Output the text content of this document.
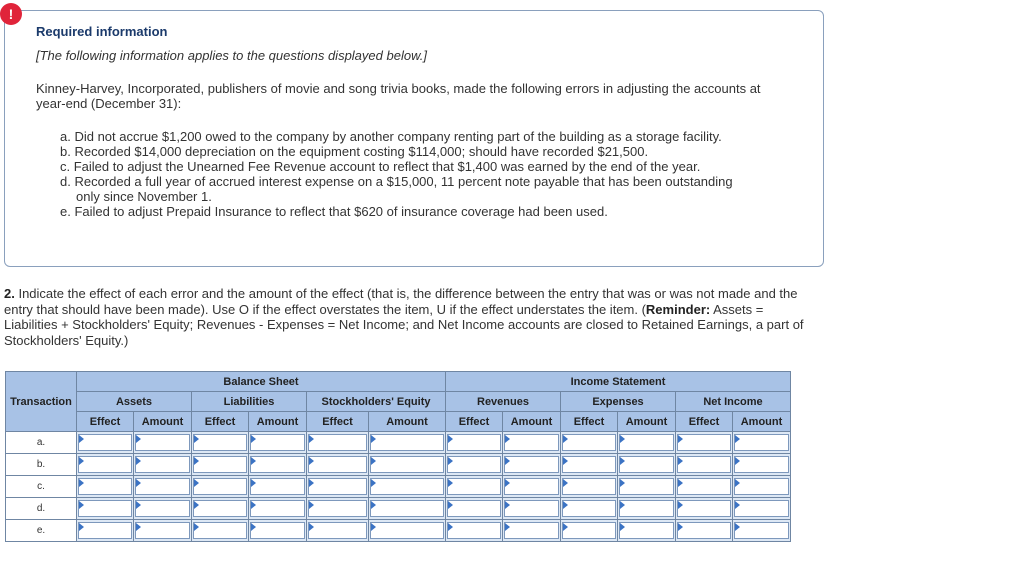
!
Required information
[The following information applies to the questions displayed below.]
Kinney-Harvey, Incorporated, publishers of movie and song trivia books, made the following errors in adjusting the accounts at year-end (December 31):
a. Did not accrue $1,200 owed to the company by another company renting part of the building as a storage facility.
b. Recorded $14,000 depreciation on the equipment costing $114,000; should have recorded $21,500.
c. Failed to adjust the Unearned Fee Revenue account to reflect that $1,400 was earned by the end of the year.
d. Recorded a full year of accrued interest expense on a $15,000, 11 percent note payable that has been outstanding
only since November 1.
e. Failed to adjust Prepaid Insurance to reflect that $620 of insurance coverage had been used.
2. Indicate the effect of each error and the amount of the effect (that is, the difference between the entry that was or was not made and the entry that should have been made). Use O if the effect overstates the item, U if the effect understates the item. (Reminder: Assets = Liabilities + Stockholders' Equity; Revenues - Expenses = Net Income; and Net Income accounts are closed to Retained Earnings, a part of Stockholders' Equity.)
Transaction	Balance Sheet						Income Statement					
	Assets		Liabilities		Stockholders' Equity		Revenues		Expenses		Net Income	
	Effect	Amount	Effect	Amount	Effect	Amount	Effect	Amount	Effect	Amount	Effect	Amount
a.	

b.	

c.	

d.	

e.	
